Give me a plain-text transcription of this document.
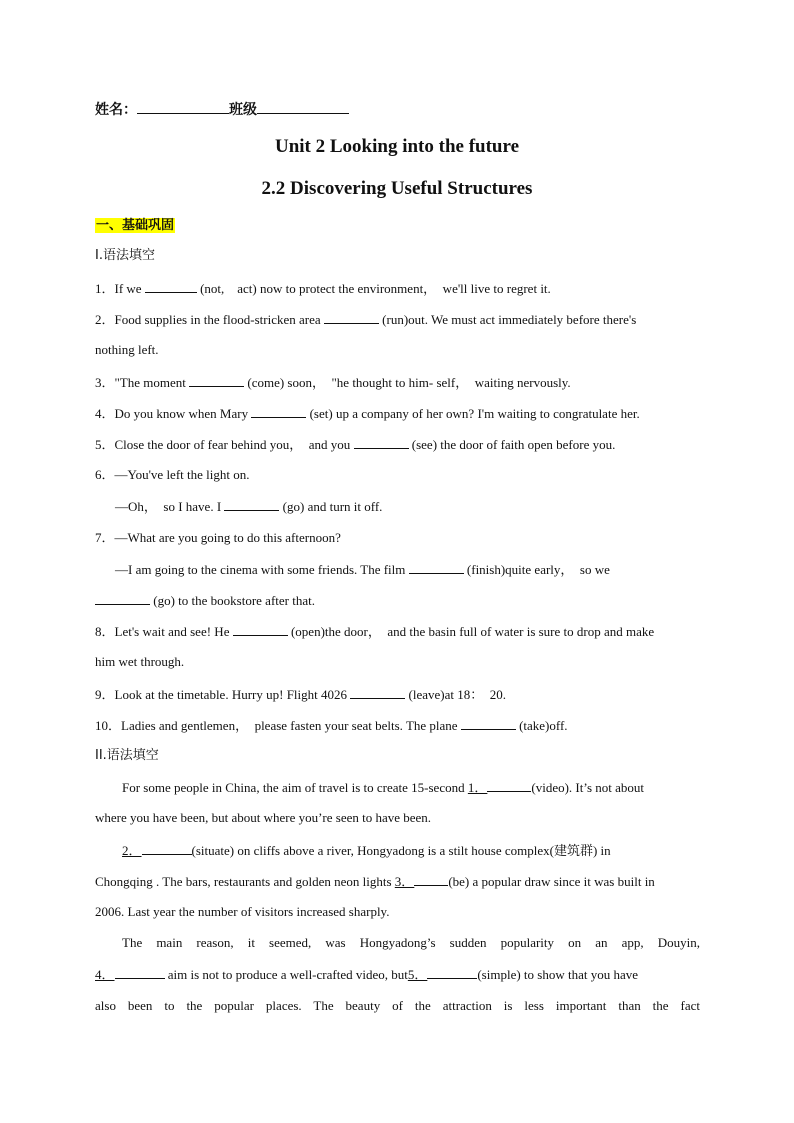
姓名：	班级
Unit 2 Looking into the future
2.2 Discovering Useful Structures
一、基础巩固
I.语法填空
1．If we	(not,　act) now to protect the environment，　we'll live to regret it.
2．Food supplies in the flood-stricken area	(run)out. We must act immediately before there's
nothing left.
3．"The moment	(come) soon，　"he thought to him- self，　waiting nervously.
4．Do you know when Mary	(set) up a company of her own? I'm waiting to congratulate her.
5．Close the door of fear behind you，　and you	(see) the door of faith open before you.
6．—You've left the light on.
—Oh，　so I have. I	(go) and turn it off.
7．—What are you going to do this afternoon?
—I am going to the cinema with some friends. The film	(finish)quite early，　so we
(go) to the bookstore after that.
8．Let's wait and see! He	(open)the door，　and the basin full of water is sure to drop and make
him wet through.
9．Look at the timetable. Hurry up! Flight 4026	(leave)at 18：　20.
10．Ladies and gentlemen，　please fasten your seat belts. The plane	(take)off.
II.语法填空
For some people in China, the aim of travel is to create 15-second 1．	(video). It’s not about
where you have been, but about where you’re seen to have been.
2．	(situate) on cliffs above a river, Hongyadong is a stilt house complex(建筑群) in
Chongqing . The bars, restaurants and golden neon lights 3．	(be) a popular draw since it was built in
2006. Last year the number of visitors increased sharply.
The main reason, it seemed, was Hongyadong’s sudden popularity on an app, Douyin,
4．	aim is not to produce a well-crafted video, but5．	(simple) to show that you have
also been to the popular places. The beauty of the attraction is less important than the fact
